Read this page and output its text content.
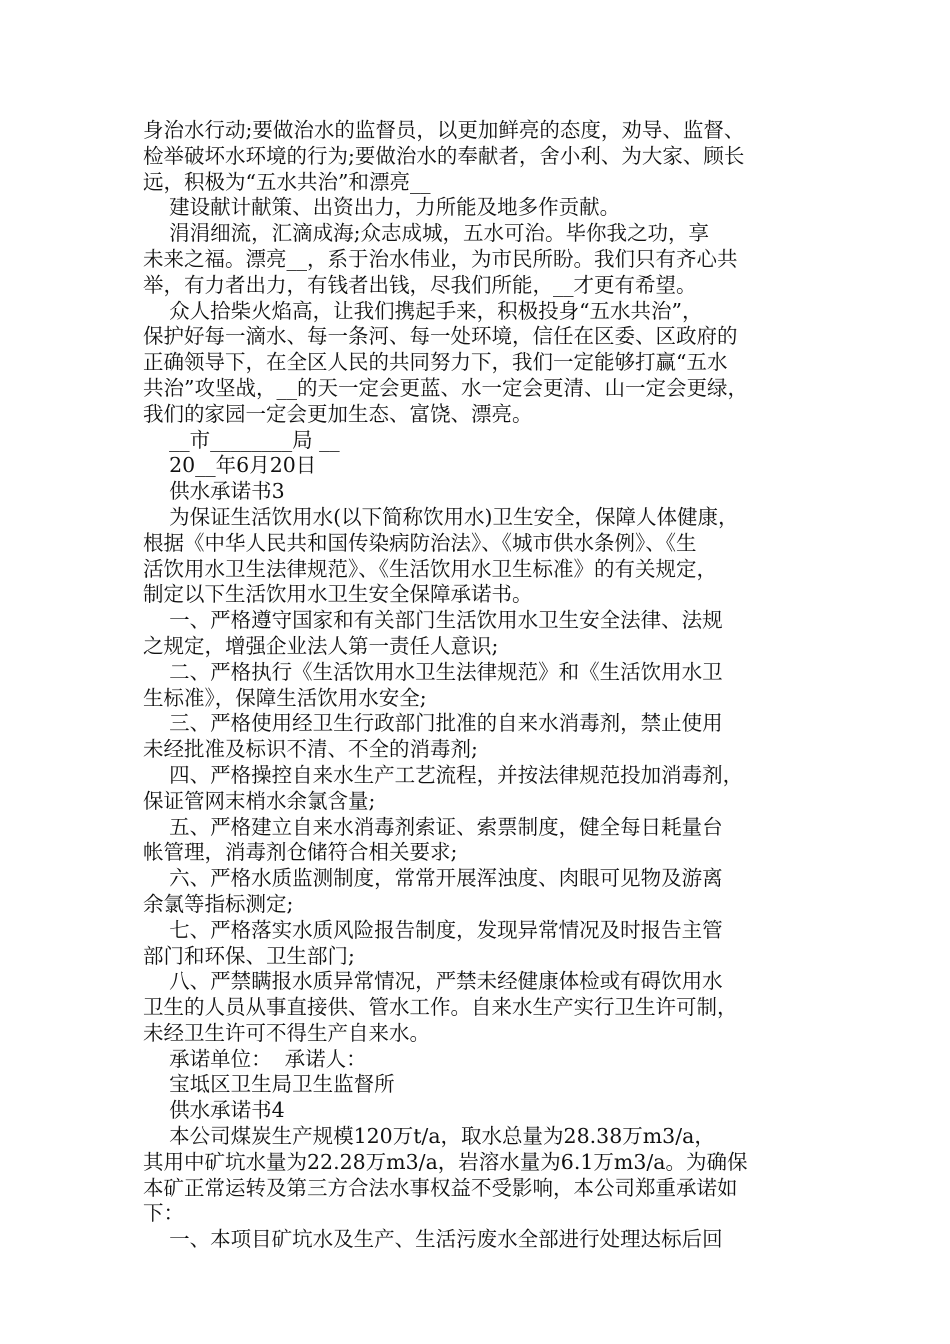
身治水行动;要做治水的监督员，以更加鲜亮的态度，劝导、监督、
检举破坏水环境的行为;要做治水的奉献者，舍小利、为大家、顾长
远，积极为“五水共治”和漂亮__
建设献计献策、出资出力，力所能及地多作贡献。
涓涓细流，汇滴成海;众志成城，五水可治。毕你我之功，享
未来之福。漂亮__，系于治水伟业，为市民所盼。我们只有齐心共
举，有力者出力，有钱者出钱，尽我们所能，__才更有希望。
众人拾柴火焰高，让我们携起手来，积极投身“五水共治”，
保护好每一滴水、每一条河、每一处环境，信任在区委、区政府的
正确领导下，在全区人民的共同努力下，我们一定能够打赢“五水
共治”攻坚战，__的天一定会更蓝、水一定会更清、山一定会更绿，
我们的家园一定会更加生态、富饶、漂亮。
__市________局 __
20__年6月20日
供水承诺书3
为保证生活饮用水(以下简称饮用水)卫生安全，保障人体健康，
根据《中华人民共和国传染病防治法》、《城市供水条例》、《生
活饮用水卫生法律规范》、《生活饮用水卫生标准》的有关规定，
制定以下生活饮用水卫生安全保障承诺书。
一、严格遵守国家和有关部门生活饮用水卫生安全法律、法规
之规定，增强企业法人第一责任人意识;
二、严格执行《生活饮用水卫生法律规范》和《生活饮用水卫
生标准》，保障生活饮用水安全;
三、严格使用经卫生行政部门批准的自来水消毒剂，禁止使用
未经批准及标识不清、不全的消毒剂;
四、严格操控自来水生产工艺流程，并按法律规范投加消毒剂，
保证管网末梢水余氯含量;
五、严格建立自来水消毒剂索证、索票制度，健全每日耗量台
帐管理，消毒剂仓储符合相关要求;
六、严格水质监测制度，常常开展浑浊度、肉眼可见物及游离
余氯等指标测定;
七、严格落实水质风险报告制度，发现异常情况及时报告主管
部门和环保、卫生部门;
八、严禁瞒报水质异常情况，严禁未经健康体检或有碍饮用水
卫生的人员从事直接供、管水工作。自来水生产实行卫生许可制，
未经卫生许可不得生产自来水。
承诺单位：  承诺人：
宝坻区卫生局卫生监督所
供水承诺书4
本公司煤炭生产规模120万t/a，取水总量为28.38万m3/a，
其用中矿坑水量为22.28万m3/a，岩溶水量为6.1万m3/a。为确保
本矿正常运转及第三方合法水事权益不受影响，本公司郑重承诺如
下：
一、本项目矿坑水及生产、生活污废水全部进行处理达标后回
